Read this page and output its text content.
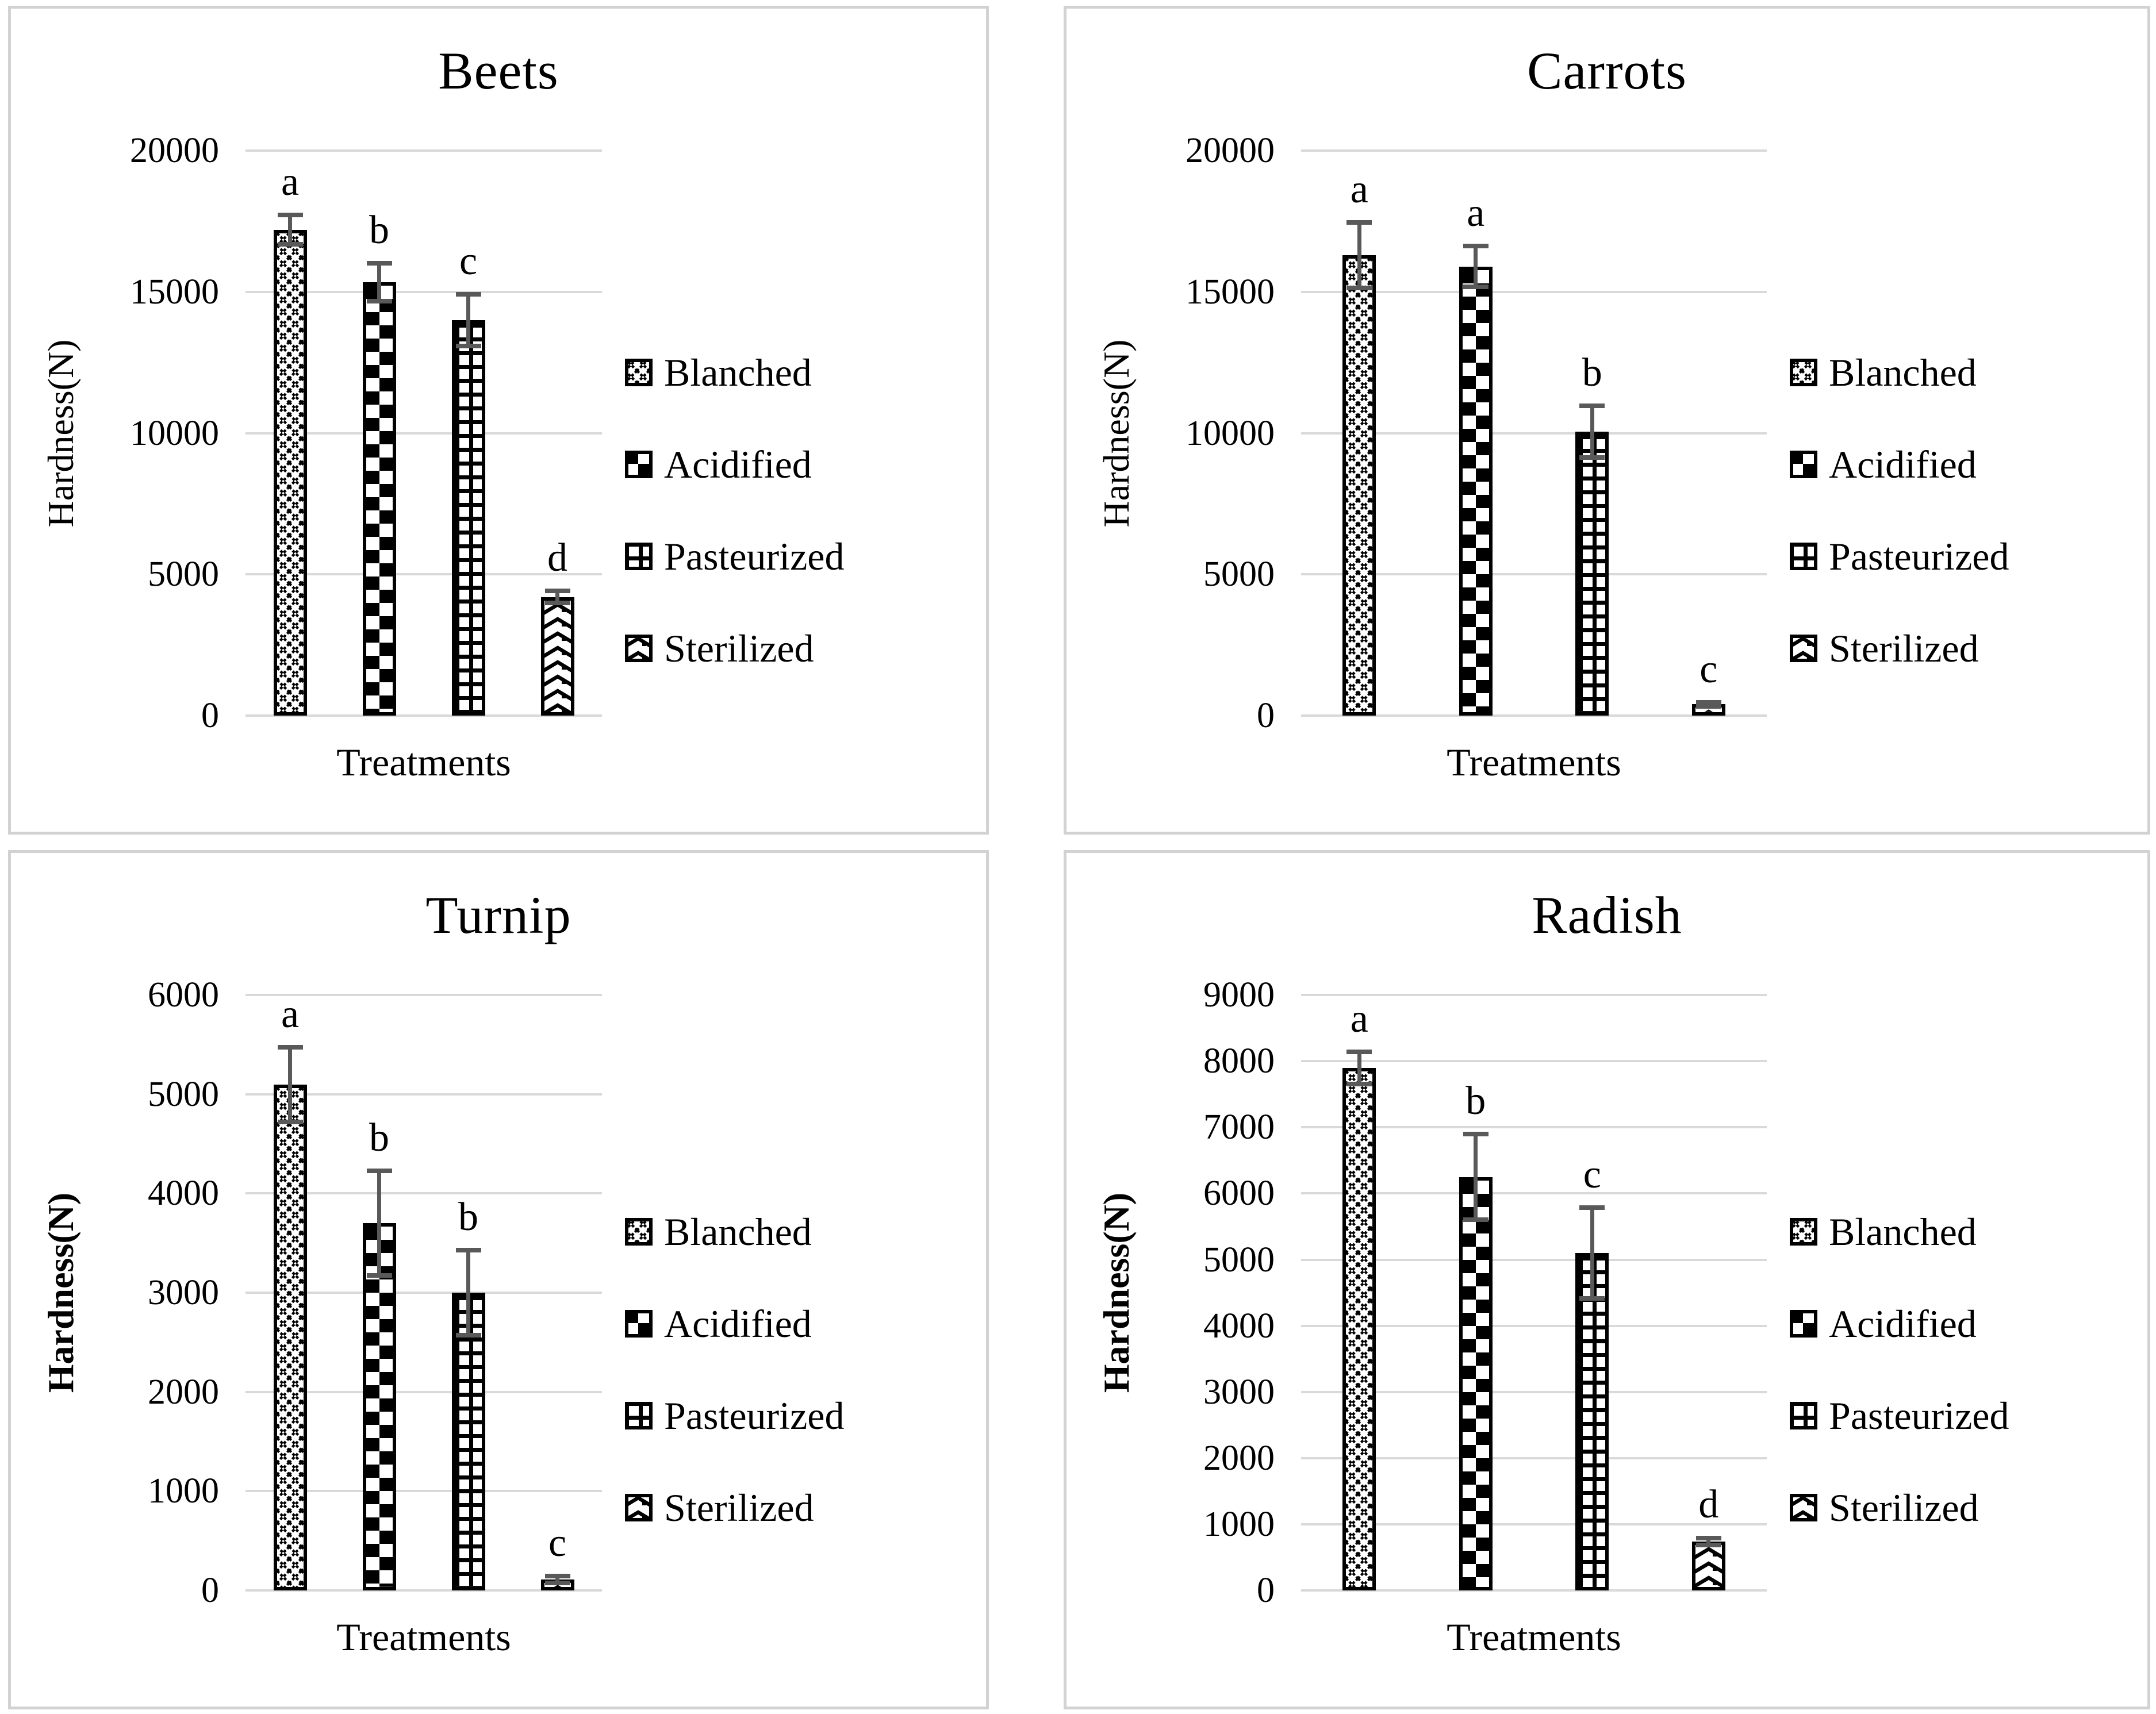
Beets
Hardness(N)
0
5000
10000
15000
20000
a
b
c
d
Blanched
Acidified
Pasteurized
Sterilized
Treatments
Carrots
Hardness(N)
0
5000
10000
15000
20000
a
a
b
c
Blanched
Acidified
Pasteurized
Sterilized
Treatments
Turnip
Hardness(N)
0
1000
2000
3000
4000
5000
6000	a
b
b
c
Blanched
Acidified
Pasteurized
Sterilized
Treatments
Radish
Hardness(N)
0
1000
2000
3000
4000
5000
6000
7000
8000
9000
a
b
c
d
Blanched
Acidified
Pasteurized
Sterilized
Treatments
